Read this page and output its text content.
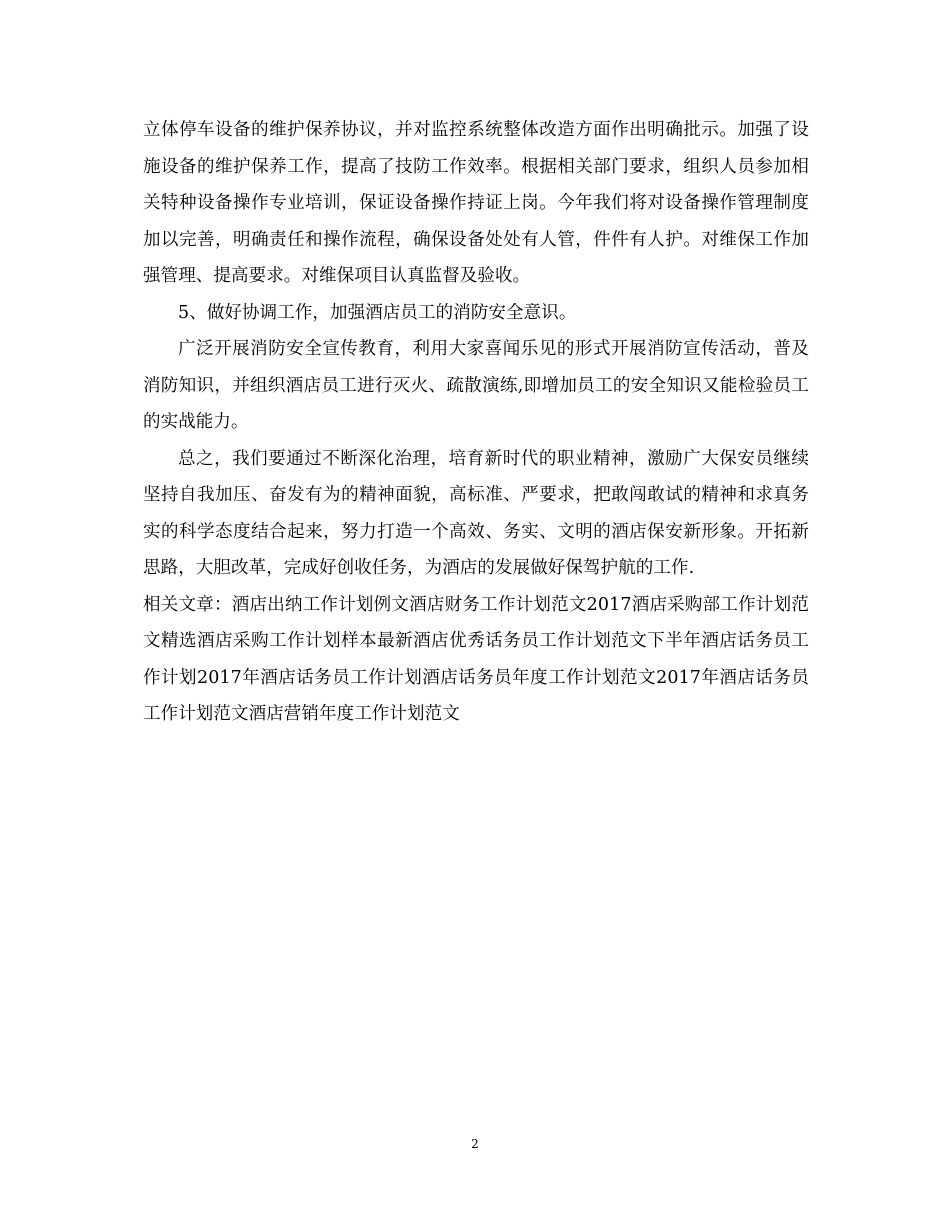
立体停车设备的维护保养协议，并对监控系统整体改造方面作出明确批示。加强了设施设备的维护保养工作，提高了技防工作效率。根据相关部门要求，组织人员参加相关特种设备操作专业培训，保证设备操作持证上岗。今年我们将对设备操作管理制度加以完善，明确责任和操作流程，确保设备处处有人管，件件有人护。对维保工作加强管理、提高要求。对维保项目认真监督及验收。

5、做好协调工作，加强酒店员工的消防安全意识。

广泛开展消防安全宣传教育，利用大家喜闻乐见的形式开展消防宣传活动，普及消防知识，并组织酒店员工进行灭火、疏散演练,即增加员工的安全知识又能检验员工的实战能力。

总之，我们要通过不断深化治理，培育新时代的职业精神，激励广大保安员继续坚持自我加压、奋发有为的精神面貌，高标准、严要求，把敢闯敢试的精神和求真务实的科学态度结合起来，努力打造一个高效、务实、文明的酒店保安新形象。开拓新思路，大胆改革，完成好创收任务，为酒店的发展做好保驾护航的工作.

相关文章：酒店出纳工作计划例文酒店财务工作计划范文2017酒店采购部工作计划范文精选酒店采购工作计划样本最新酒店优秀话务员工作计划范文下半年酒店话务员工作计划2017年酒店话务员工作计划酒店话务员年度工作计划范文2017年酒店话务员工作计划范文酒店营销年度工作计划范文

2
